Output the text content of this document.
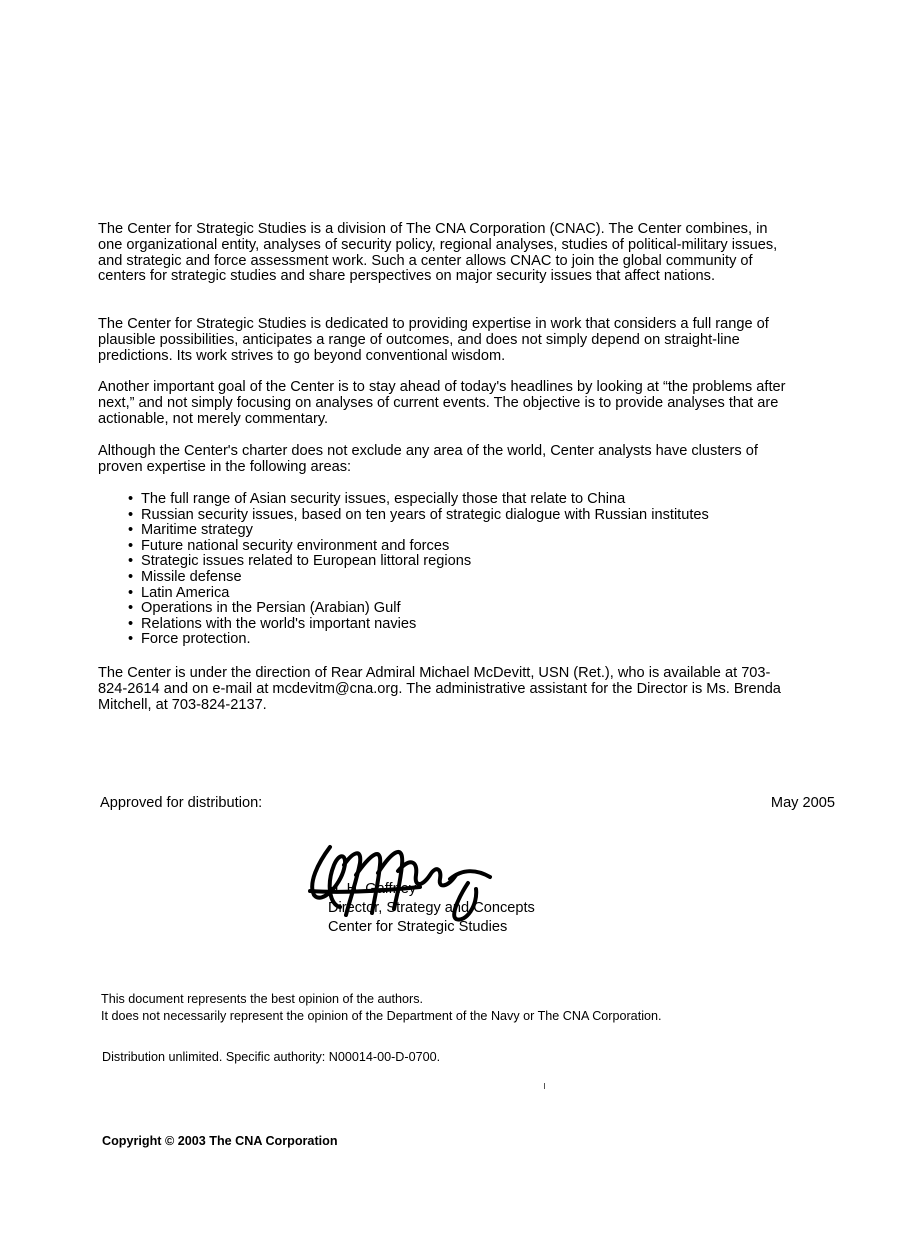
The Center for Strategic Studies is a division of The CNA Corporation (CNAC). The Center combines, in one organizational entity, analyses of security policy, regional analyses, studies of political-military issues, and strategic and force assessment work. Such a center allows CNAC to join the global community of centers for strategic studies and share perspectives on major security issues that affect nations.

The Center for Strategic Studies is dedicated to providing expertise in work that considers a full range of plausible possibilities, anticipates a range of outcomes, and does not simply depend on straight-line predictions. Its work strives to go beyond conventional wisdom.

Another important goal of the Center is to stay ahead of today's headlines by looking at “the problems after next,” and not simply focusing on analyses of current events. The objective is to provide analyses that are actionable, not merely commentary.

Although the Center's charter does not exclude any area of the world, Center analysts have clusters of proven expertise in the following areas:

• The full range of Asian security issues, especially those that relate to China
• Russian security issues, based on ten years of strategic dialogue with Russian institutes
• Maritime strategy
• Future national security environment and forces
• Strategic issues related to European littoral regions
• Missile defense
• Latin America
• Operations in the Persian (Arabian) Gulf
• Relations with the world's important navies
• Force protection.

The Center is under the direction of Rear Admiral Michael McDevitt, USN (Ret.), who is available at 703-824-2614 and on e-mail at mcdevitm@cna.org. The administrative assistant for the Director is Ms. Brenda Mitchell, at 703-824-2137.

Approved for distribution:	May 2005
H. H. Gaffney
Director, Strategy and Concepts
Center for Strategic Studies
This document represents the best opinion of the authors.
It does not necessarily represent the opinion of the Department of the Navy or The CNA Corporation.
Distribution unlimited. Specific authority: N00014-00-D-0700.
Copyright © 2003 The CNA Corporation
